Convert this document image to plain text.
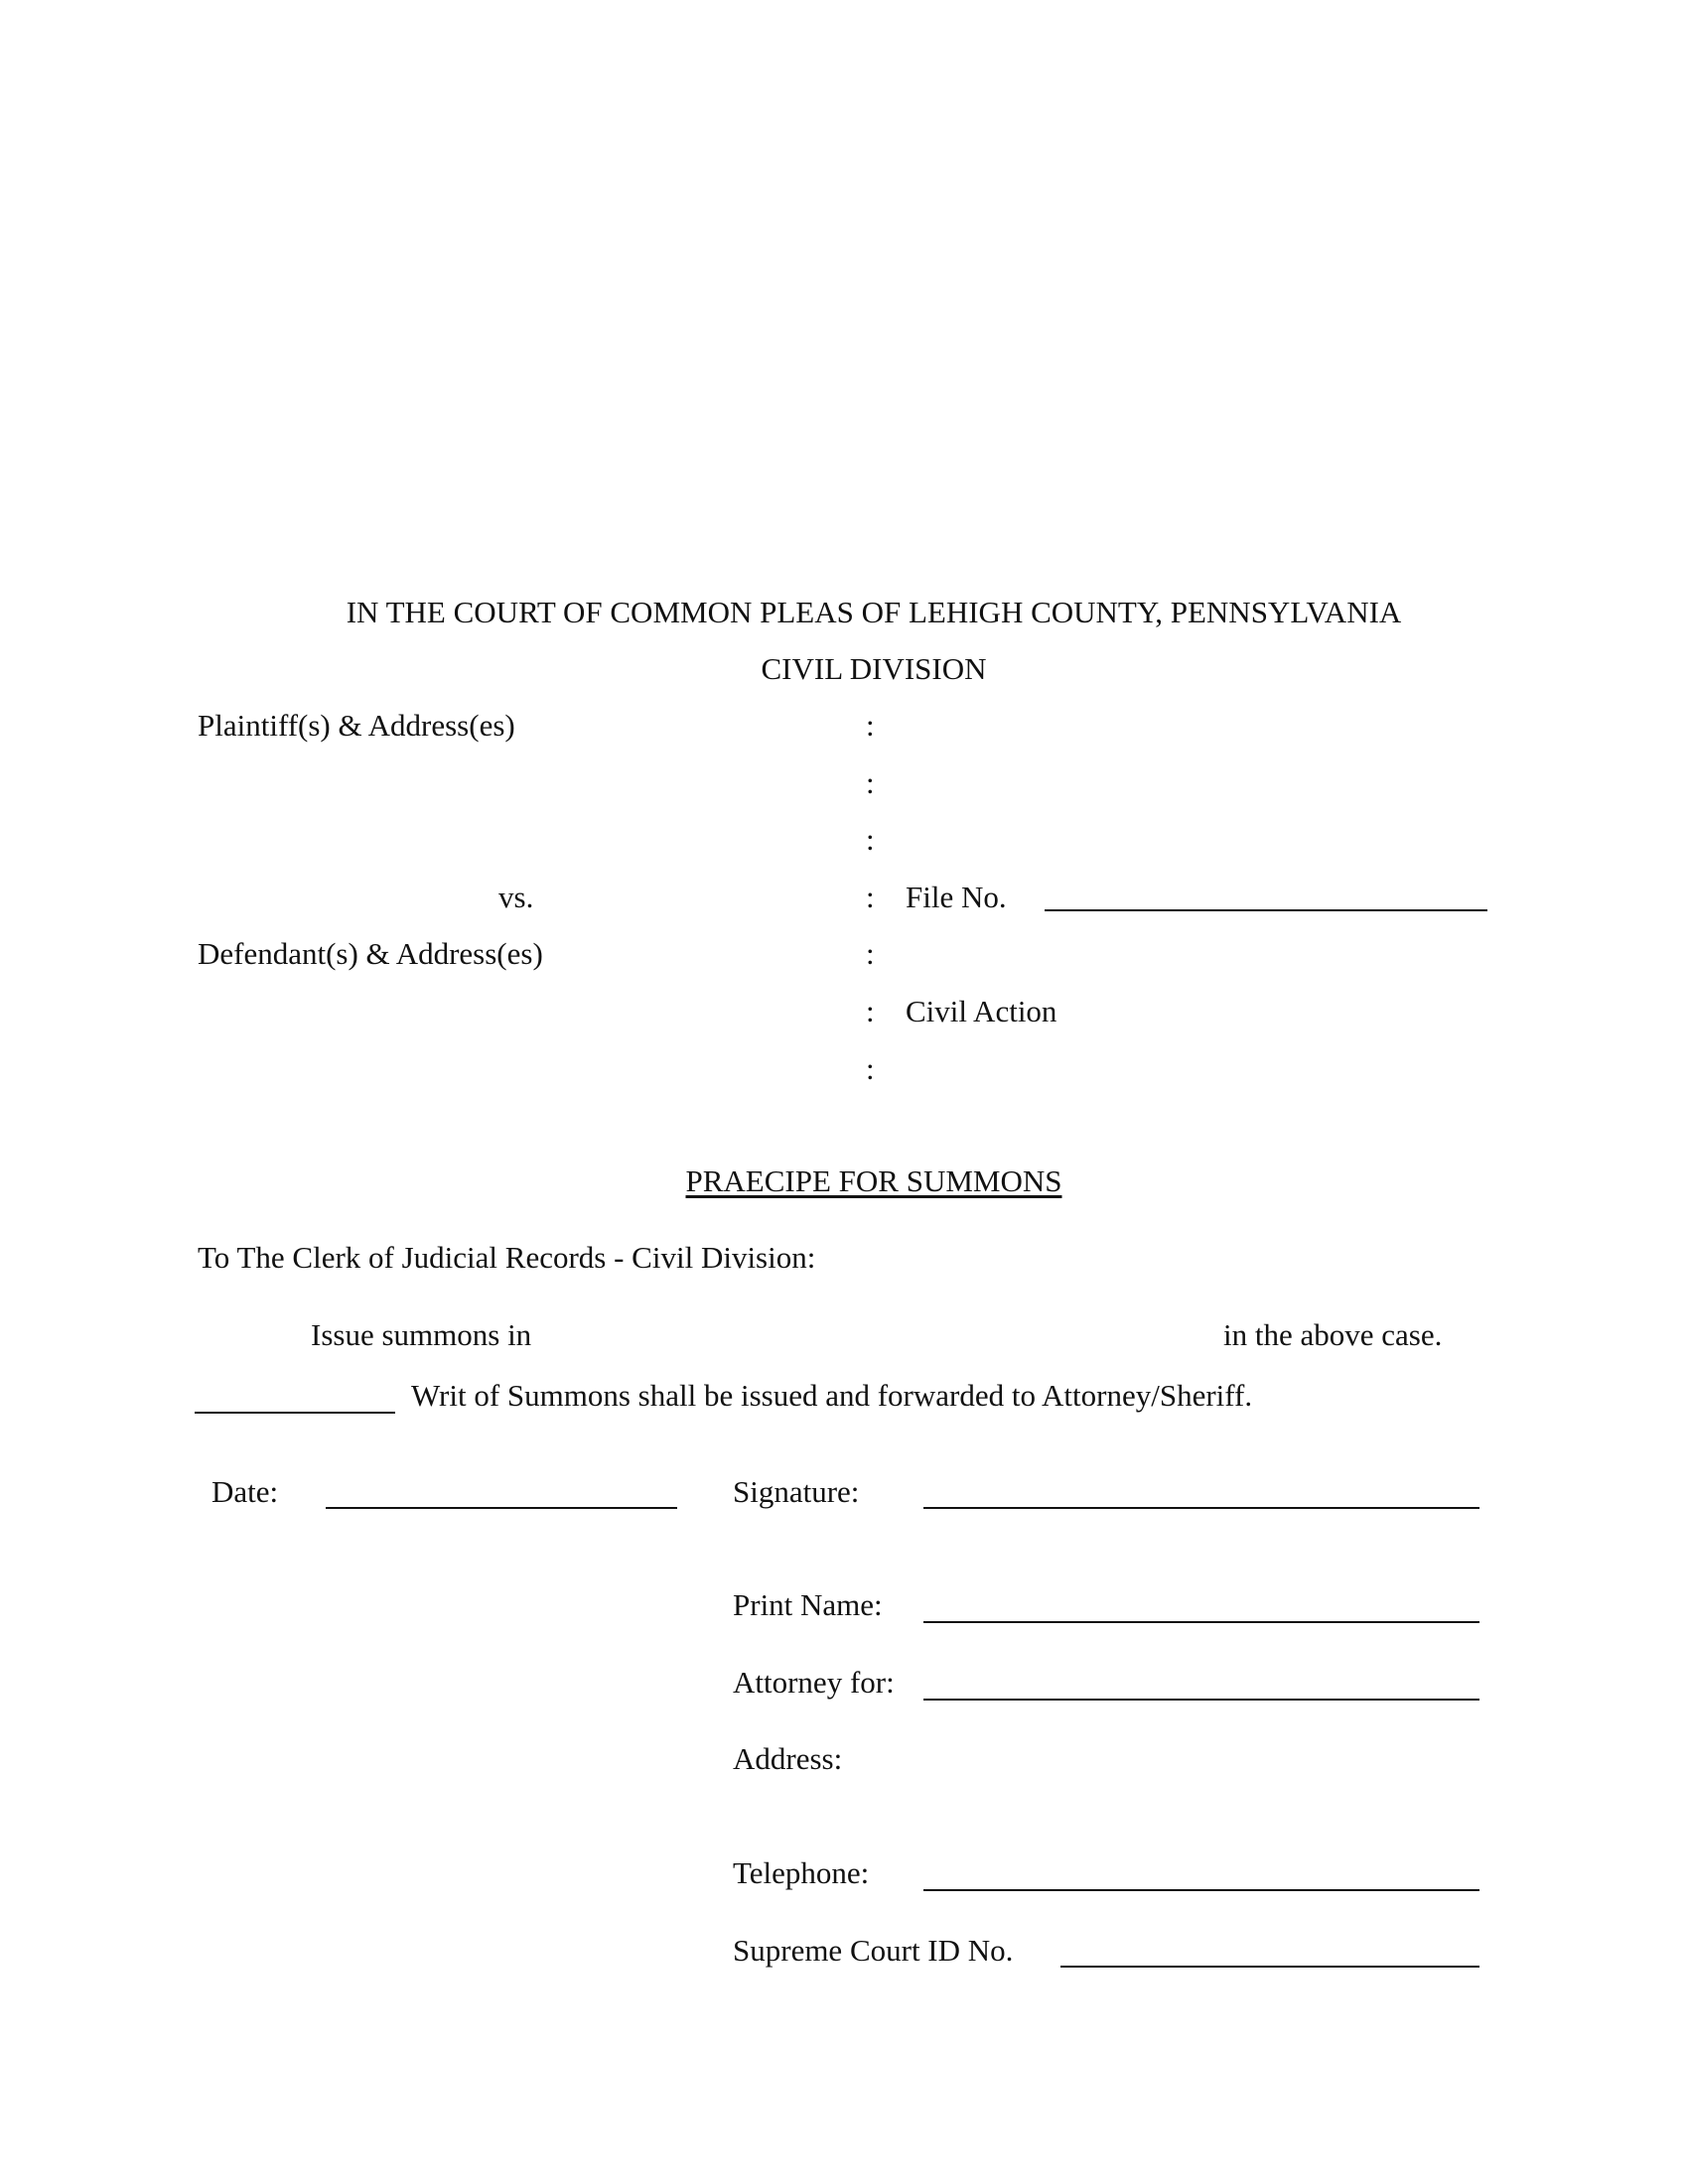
IN THE COURT OF COMMON PLEAS OF LEHIGH COUNTY, PENNSYLVANIA
CIVIL DIVISION
Plaintiff(s) & Address(es)
vs.
Defendant(s) & Address(es)
:
:
:
:
:
:
:
File No.
Civil Action
PRAECIPE FOR SUMMONS
To The Clerk of Judicial Records - Civil Division:
Issue summons in	in the above case.
Writ of Summons shall be issued and forwarded to Attorney/Sheriff.
Date:	Signature:
Print Name:
Attorney for:
Address:
Telephone:
Supreme Court ID No.
